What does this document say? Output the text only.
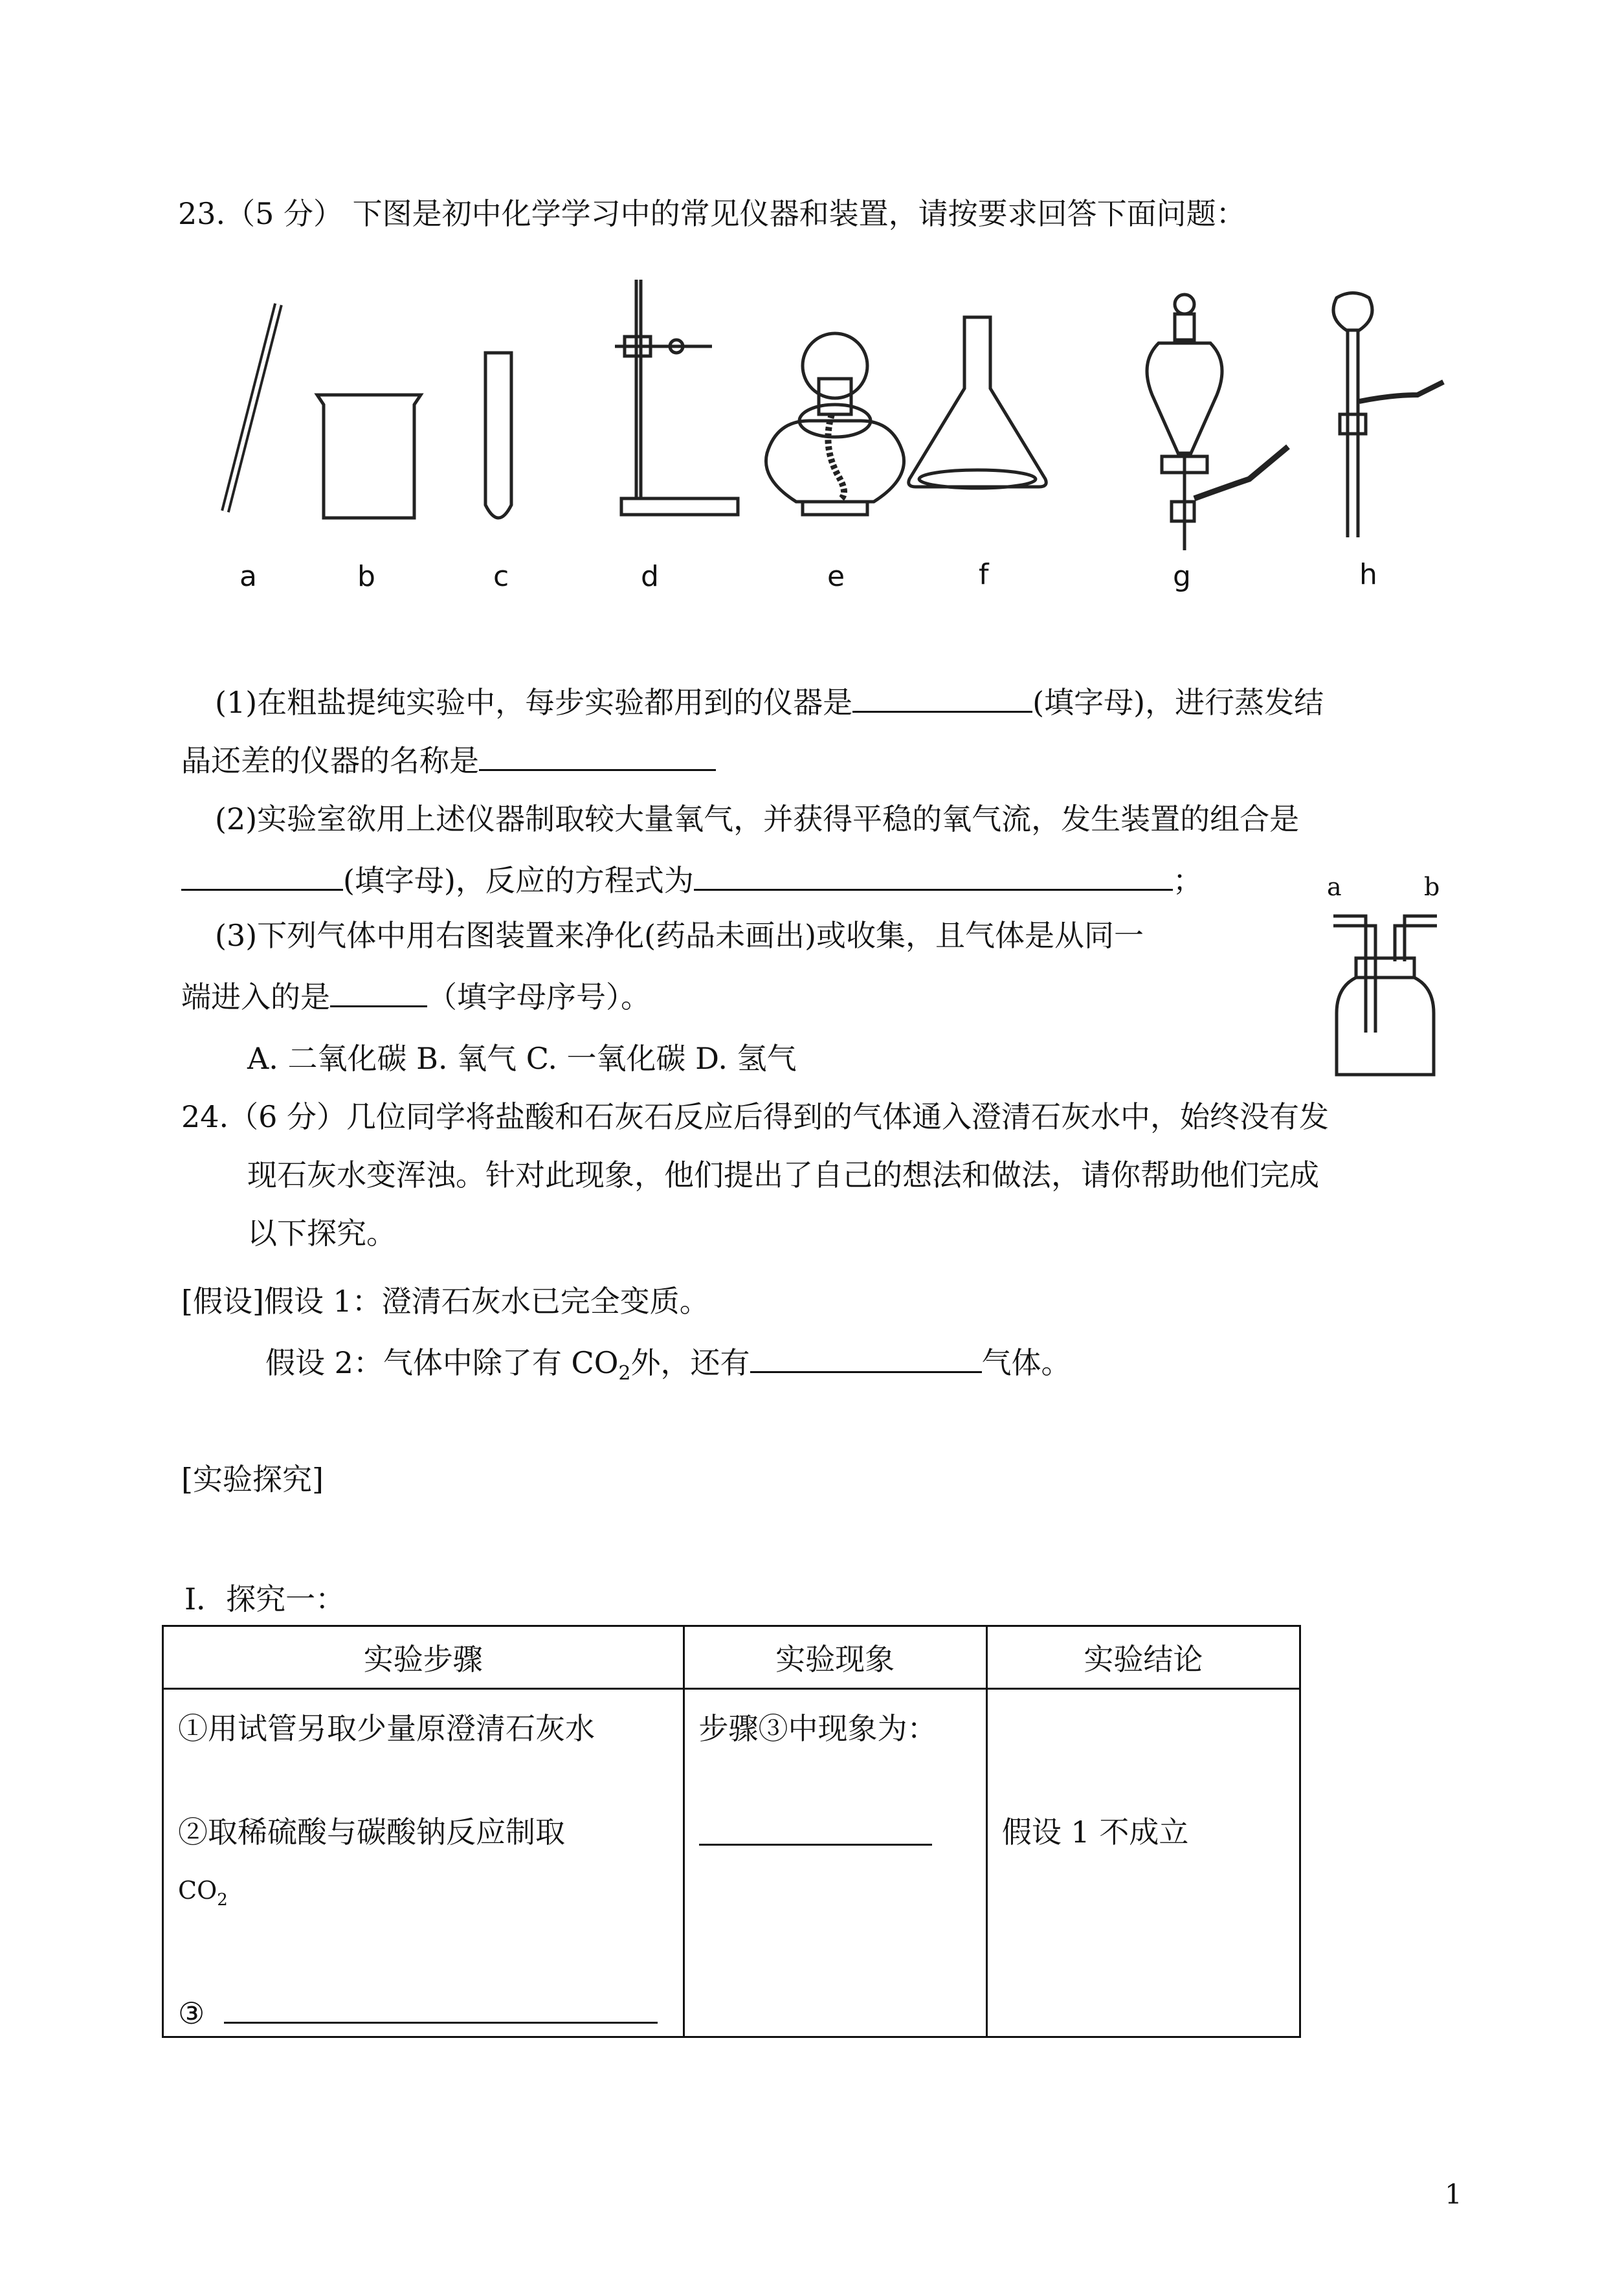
23.（5 分） 下图是初中化学学习中的常见仪器和装置，请按要求回答下面问题：
a	b	c	d	e	f	g	h
(1)在粗盐提纯实验中，每步实验都用到的仪器是	(填字母)，进行蒸发结
晶还差的仪器的名称是
(2)实验室欲用上述仪器制取较大量氧气，并获得平稳的氧气流，发生装置的组合是
(填字母)，反应的方程式为	；
(3)下列气体中用右图装置来净化(药品未画出)或收集，且气体是从同一
端进入的是	（填字母序号）。
A. 二氧化碳 B. 氧气 C. 一氧化碳 D. 氢气
a	b
24.（6 分）几位同学将盐酸和石灰石反应后得到的气体通入澄清石灰水中，始终没有发
现石灰水变浑浊。针对此现象，他们提出了自己的想法和做法，请你帮助他们完成
以下探究。
[假设]假设 1：澄清石灰水已完全变质。
假设 2：气体中除了有 $CO_2$外，还有	气体。
[实验探究]
Ⅰ．探究一：
实验步骤	实验现象	实验结论

①用试管另取少量原澄清石灰水

②取稀硫酸与碳酸钠反应制取

$CO_2$

③	步骤③中现象为：	假设 1 不成立

1
